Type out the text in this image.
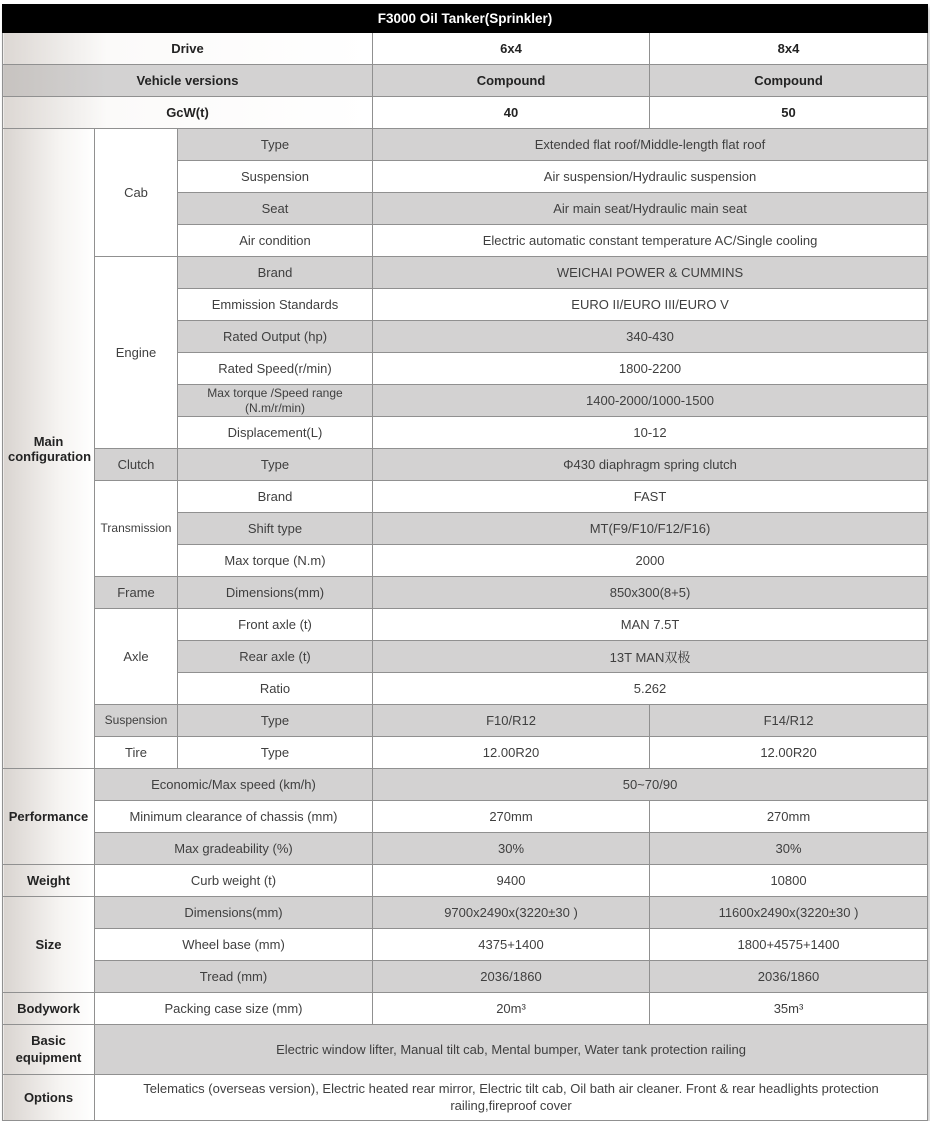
F3000 Oil Tanker(Sprinkler)				
Drive			6x4	8x4
Vehicle versions			Compound	Compound
GcW(t)			40	50
Main configuration	Cab	Type	Extended flat roof/Middle-length flat roof	
		Suspension	Air suspension/Hydraulic suspension	
		Seat	Air main seat/Hydraulic main seat	
		Air condition	Electric automatic constant temperature AC/Single cooling	
	Engine	Brand	WEICHAI POWER & CUMMINS	
		Emmission Standards	EURO II/EURO III/EURO V	
		Rated Output (hp)	340-430	
		Rated Speed(r/min)	1800-2200	
		Max torque /Speed range (N.m/r/min)	1400-2000/1000-1500	
		Displacement(L)	10-12	
	Clutch	Type	Φ430 diaphragm spring clutch	
	Transmission	Brand	FAST	
		Shift type	MT(F9/F10/F12/F16)	
		Max torque (N.m)	2000	
	Frame	Dimensions(mm)	850x300(8+5)	
	Axle	Front axle (t)	MAN 7.5T	
		Rear axle (t)	13T MAN双极	
		Ratio	5.262	
	Suspension	Type	F10/R12	F14/R12
	Tire	Type	12.00R20	12.00R20
Performance	Economic/Max speed (km/h)		50~70/90	
	Minimum clearance of chassis (mm)		270mm	270mm
	Max gradeability (%)		30%	30%
Weight	Curb weight (t)		9400	10800
Size	Dimensions(mm)		9700x2490x(3220±30 )	11600x2490x(3220±30 )
	Wheel base (mm)		4375+1400	1800+4575+1400
	Tread (mm)		2036/1860	2036/1860
Bodywork	Packing case size (mm)		20m³	35m³
Basic equipment	Electric window lifter, Manual tilt cab, Mental bumper, Water tank protection railing			
Options	Telematics (overseas version), Electric heated rear mirror, Electric tilt cab, Oil bath air cleaner. Front & rear headlights protection railing,fireproof cover			
